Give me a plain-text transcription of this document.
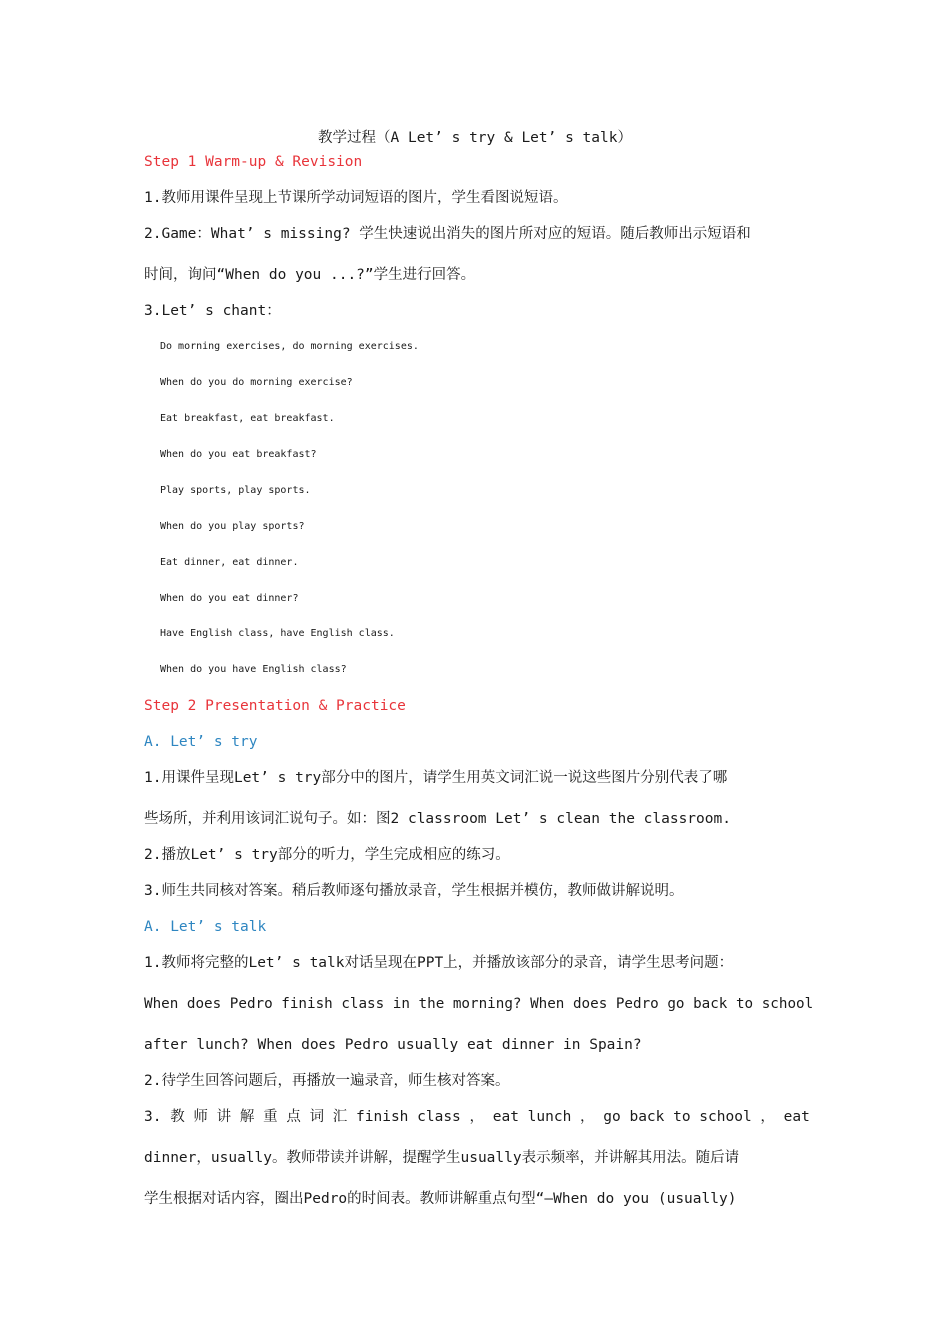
教学过程（A Let’ s try & Let’ s talk）
Step 1 Warm-up & Revision
1.教师用课件呈现上节课所学动词短语的图片，学生看图说短语。
2.Game：What’ s missing? 学生快速说出消失的图片所对应的短语。随后教师出示短语和
时间，询问“When do you ...?”学生进行回答。
3.Let’ s chant：
Do morning exercises, do morning exercises.
When do you do morning exercise?
Eat breakfast, eat breakfast.
When do you eat breakfast?
Play sports, play sports.
When do you play sports?
Eat dinner, eat dinner.
When do you eat dinner?
Have English class, have English class.
When do you have English class?
Step 2 Presentation & Practice
A. Let’ s try
1.用课件呈现Let’ s try部分中的图片，请学生用英文词汇说一说这些图片分别代表了哪
些场所，并利用该词汇说句子。如：图2 classroom Let’ s clean the classroom.
2.播放Let’ s try部分的听力，学生完成相应的练习。
3.师生共同核对答案。稍后教师逐句播放录音，学生根据并模仿，教师做讲解说明。
A. Let’ s talk
1.教师将完整的Let’ s talk对话呈现在PPT上，并播放该部分的录音，请学生思考问题：
When does Pedro finish class in the morning? When does Pedro go back to school
after lunch? When does Pedro usually eat dinner in Spain?
2.待学生回答问题后，再播放一遍录音，师生核对答案。
3. 教 师 讲 解 重 点 词 汇 finish class ， eat lunch ， go back to school ， eat
dinner，usually。教师带读并讲解，提醒学生usually表示频率，并讲解其用法。随后请
学生根据对话内容，圈出Pedro的时间表。教师讲解重点句型“—When do you (usually)
